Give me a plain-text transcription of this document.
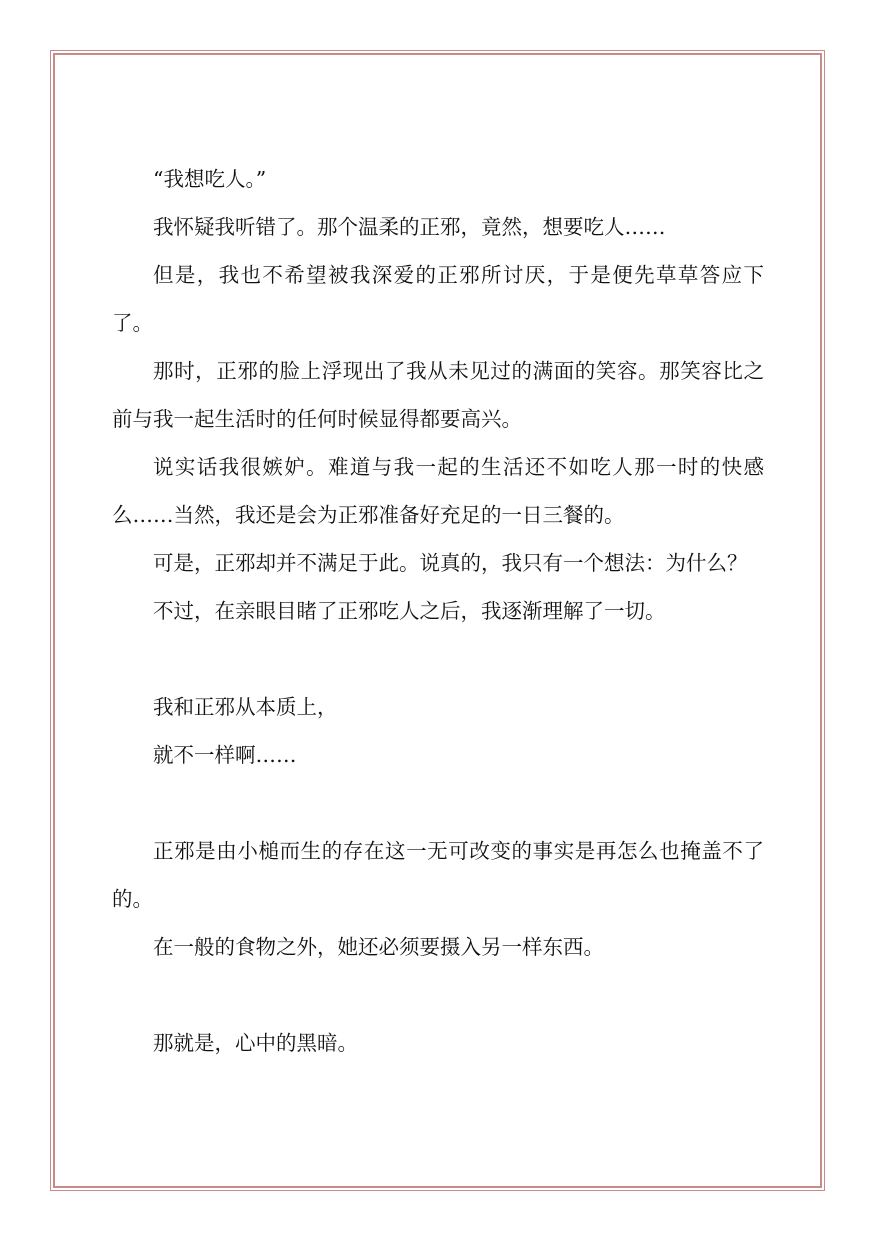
“我想吃人。”

我怀疑我听错了。那个温柔的正邪，竟然，想要吃人……

但是，我也不希望被我深爱的正邪所讨厌，于是便先草草答应下了。

那时，正邪的脸上浮现出了我从未见过的满面的笑容。那笑容比之前与我一起生活时的任何时候显得都要高兴。

说实话我很嫉妒。难道与我一起的生活还不如吃人那一时的快感么……当然，我还是会为正邪准备好充足的一日三餐的。

可是，正邪却并不满足于此。说真的，我只有一个想法：为什么？

不过，在亲眼目睹了正邪吃人之后，我逐渐理解了一切。

我和正邪从本质上，

就不一样啊……

正邪是由小槌而生的存在这一无可改变的事实是再怎么也掩盖不了的。

在一般的食物之外，她还必须要摄入另一样东西。

那就是，心中的黑暗。
